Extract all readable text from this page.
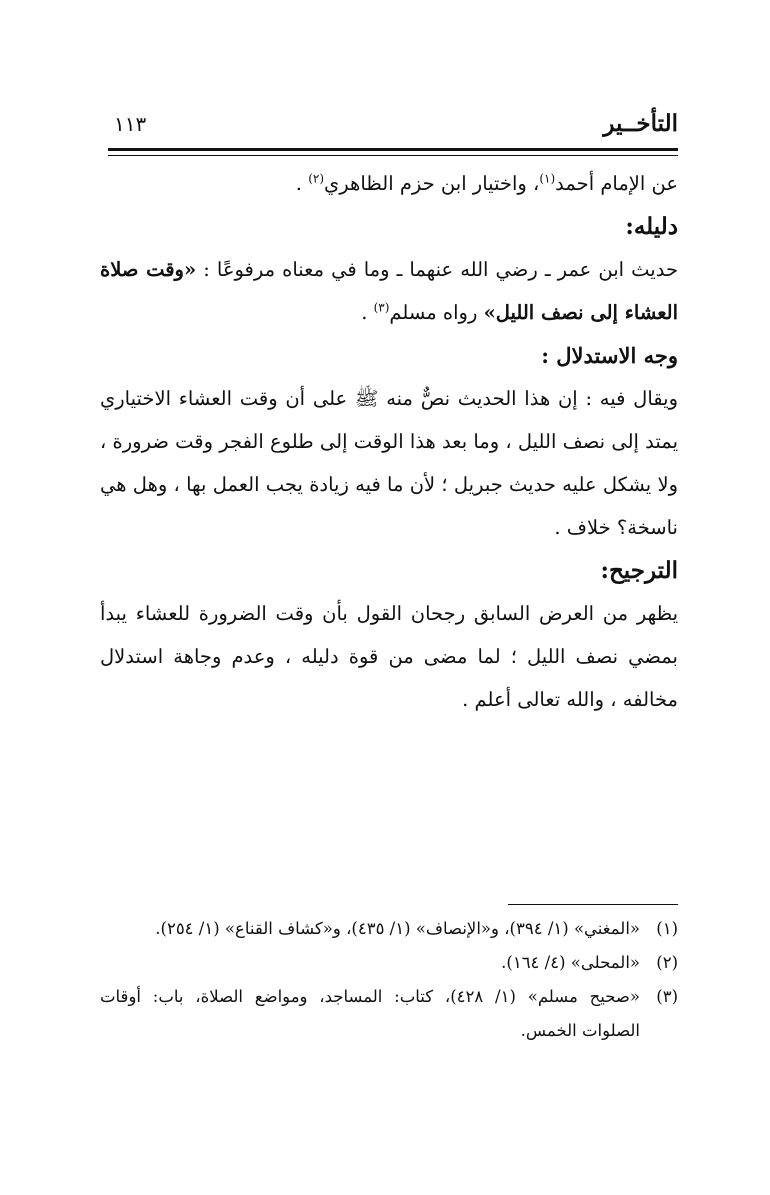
التأخــير
١١٣

عن الإمام أحمد$^{(١)}$، واختيار ابن حزم الظاهري$^{(٢)}$ .

دليله:

حديث ابن عمر ـ رضي الله عنهما ـ وما في معناه مرفوعًا : «وقت صلاة العشاء إلى نصف الليل» رواه مسلم$^{(٣)}$ .

وجه الاستدلال :

ويقال فيه : إن هذا الحديث نصٌّ منه ﷺ على أن وقت العشاء الاختياري يمتد إلى نصف الليل ، وما بعد هذا الوقت إلى طلوع الفجر وقت ضرورة ، ولا يشكل عليه حديث جبريل ؛ لأن ما فيه زيادة يجب العمل بها ، وهل هي ناسخة؟ خلاف .

الترجيح:

يظهر من العرض السابق رجحان القول بأن وقت الضرورة للعشاء يبدأ بمضي نصف الليل ؛ لما مضى من قوة دليله ، وعدم وجاهة استدلال مخالفه ، والله تعالى أعلم .

(١)
«المغني» (١/ ٣٩٤)، و«الإنصاف» (١/ ٤٣٥)، و«كشاف القناع» (١/ ٢٥٤).

(٢)
«المحلى» (٤/ ١٦٤).

(٣)
«صحيح مسلم» (١/ ٤٢٨)، كتاب: المساجد، ومواضع الصلاة، باب: أوقات الصلوات الخمس.
